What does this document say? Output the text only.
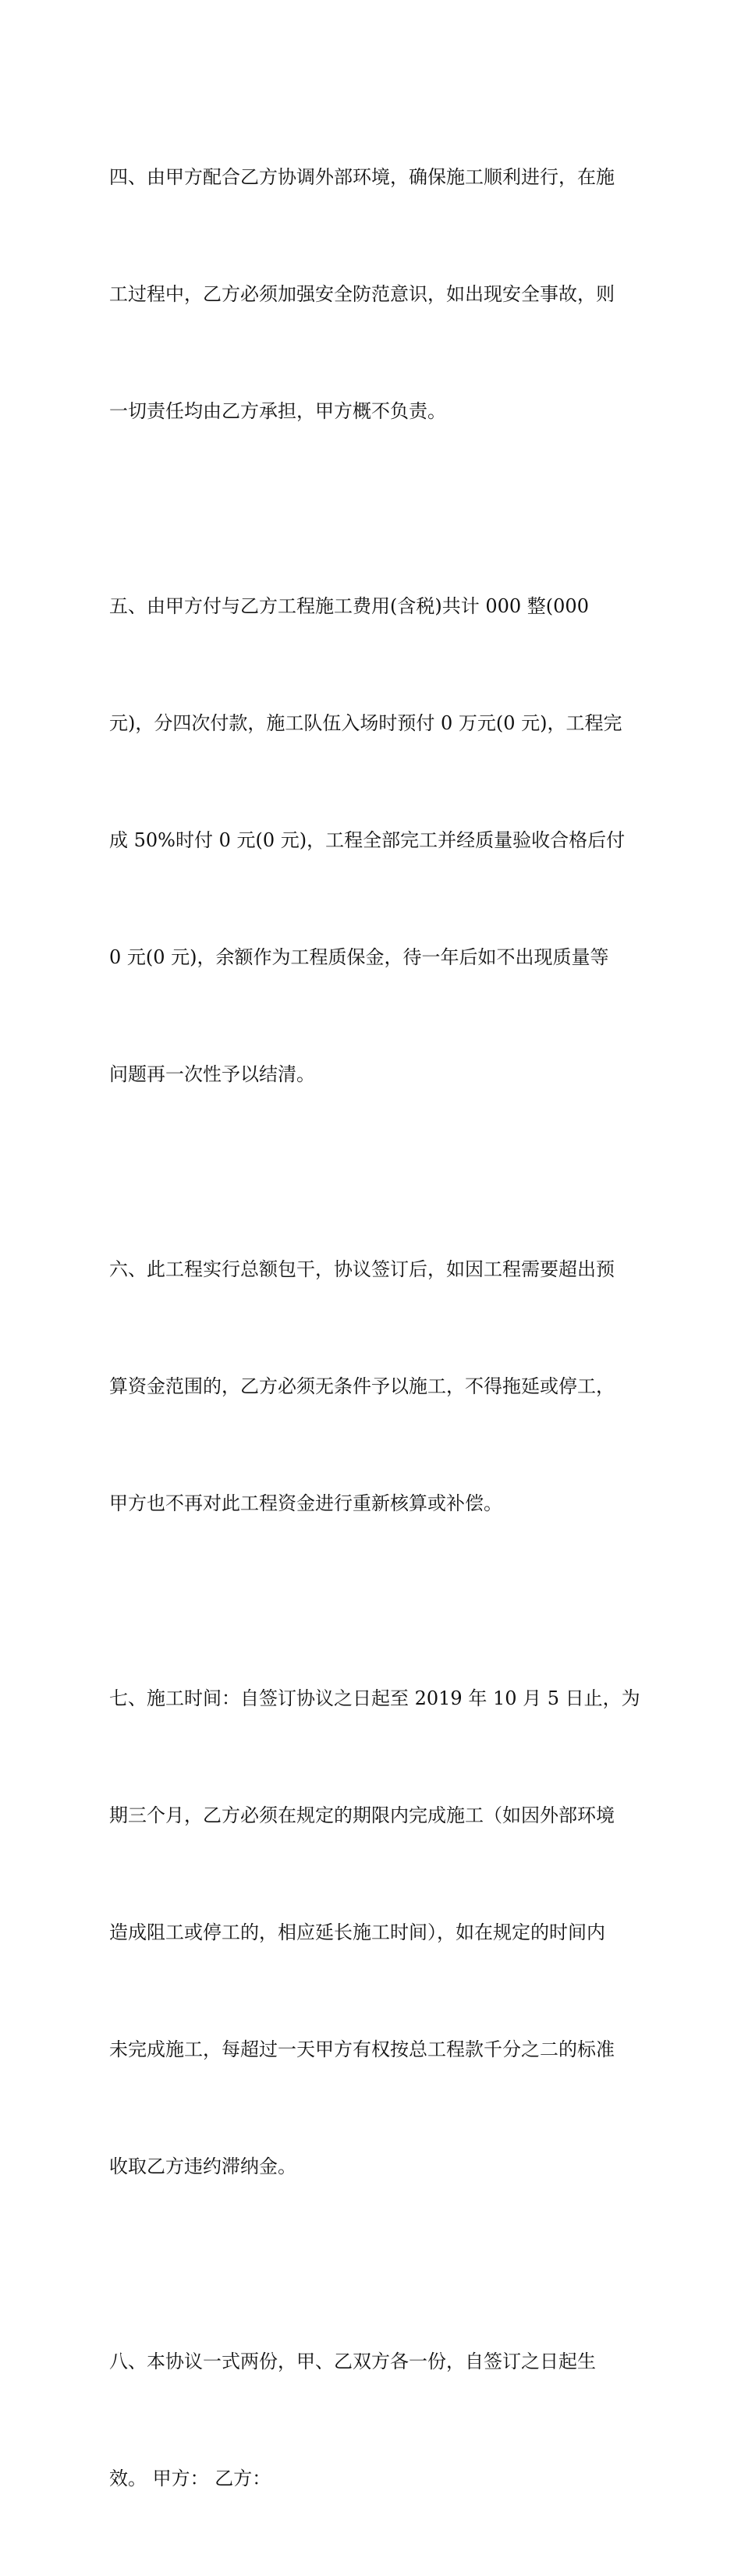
四、由甲方配合乙方协调外部环境，确保施工顺利进行，在施

工过程中，乙方必须加强安全防范意识，如出现安全事故，则

一切责任均由乙方承担，甲方概不负责。

五、由甲方付与乙方工程施工费用(含税)共计 000 整(000

元)，分四次付款，施工队伍入场时预付 0 万元(0 元)，工程完

成 50%时付 0 元(0 元)，工程全部完工并经质量验收合格后付

0 元(0 元)，余额作为工程质保金，待一年后如不出现质量等

问题再一次性予以结清。

六、此工程实行总额包干，协议签订后，如因工程需要超出预

算资金范围的，乙方必须无条件予以施工，不得拖延或停工，

甲方也不再对此工程资金进行重新核算或补偿。

七、施工时间：自签订协议之日起至 2019 年 10 月 5 日止，为

期三个月，乙方必须在规定的期限内完成施工（如因外部环境

造成阻工或停工的，相应延长施工时间），如在规定的时间内

未完成施工，每超过一天甲方有权按总工程款千分之二的标准

收取乙方违约滞纳金。

八、本协议一式两份，甲、乙双方各一份，自签订之日起生

效。 甲方： 乙方：
